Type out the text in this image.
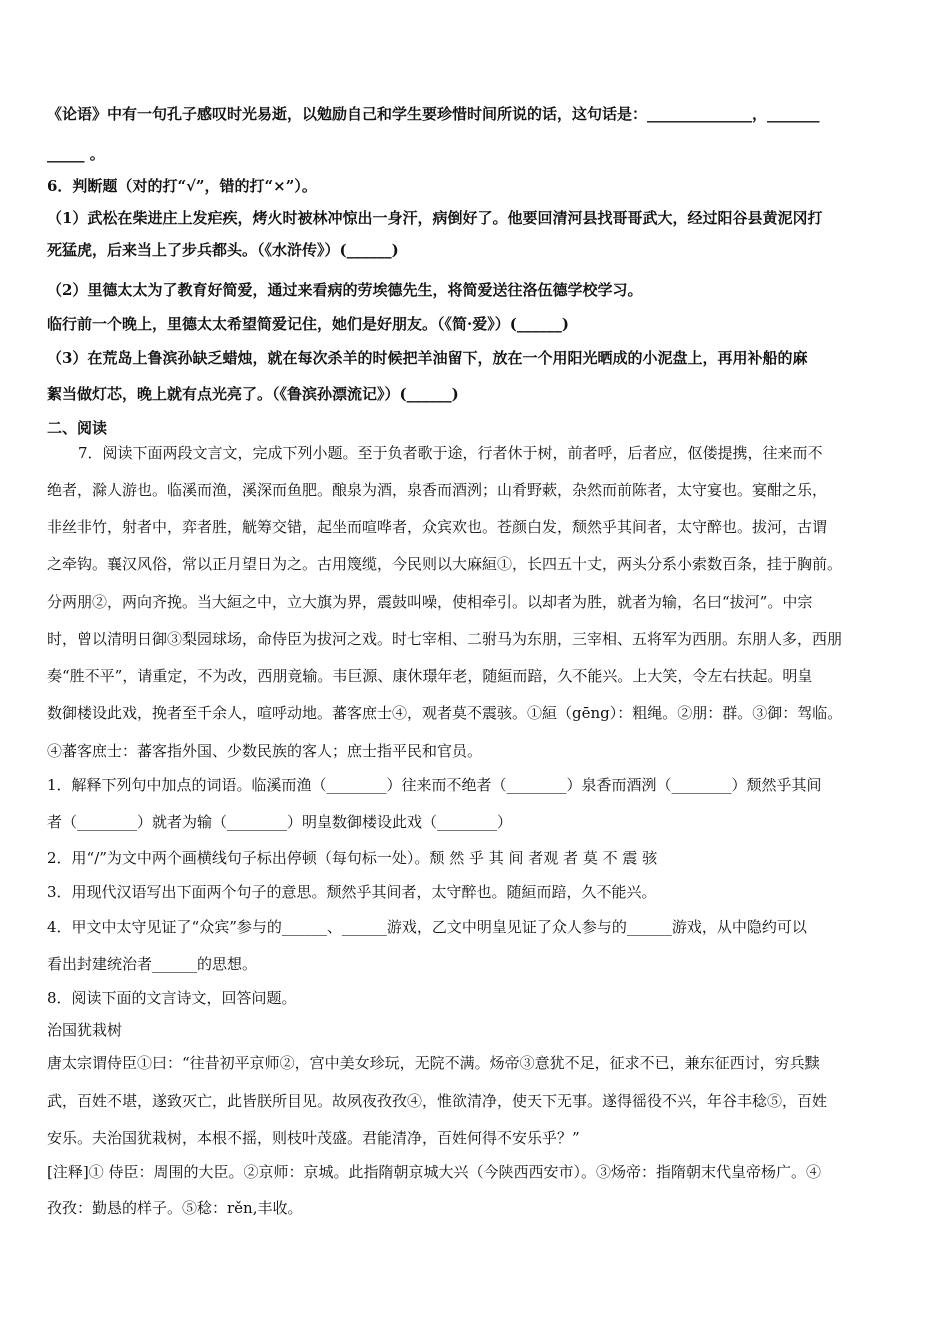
《论语》中有一句孔子感叹时光易逝，以勉励自己和学生要珍惜时间所说的话，这句话是：______________，_______
_____ 。
6．判断题（对的打“√”，错的打“×”）。
（1）武松在柴进庄上发疟疾，烤火时被林冲惊出一身汗，病倒好了。他要回清河县找哥哥武大，经过阳谷县黄泥冈打
死猛虎，后来当上了步兵都头。（《水浒传》）(______)
（2）里德太太为了教育好简爱，通过来看病的劳埃德先生，将简爱送往洛伍德学校学习。
临行前一个晚上，里德太太希望简爱记住，她们是好朋友。（《简·爱》）(______)
（3）在荒岛上鲁滨孙缺乏蜡烛，就在每次杀羊的时候把羊油留下，放在一个用阳光晒成的小泥盘上，再用补船的麻
絮当做灯芯，晚上就有点光亮了。（《鲁滨孙漂流记》）(______)
二、阅读
7．阅读下面两段文言文，完成下列小题。至于负者歌于途，行者休于树，前者呼，后者应，伛偻提携，往来而不
绝者，滁人游也。临溪而渔，溪深而鱼肥。酿泉为酒，泉香而酒洌；山肴野蔌，杂然而前陈者，太守宴也。宴酣之乐，
非丝非竹，射者中，弈者胜，觥筹交错，起坐而喧哗者，众宾欢也。苍颜白发，颓然乎其间者，太守醉也。拔河，古谓
之牵钩。襄汉风俗，常以正月望日为之。古用篾缆，今民则以大麻絙①，长四五十丈，两头分系小索数百条，挂于胸前。
分两朋②，两向齐挽。当大絙之中，立大旗为界，震鼓叫噪，使相牵引。以却者为胜，就者为输，名曰“拔河”。中宗
时，曾以清明日御③梨园球场，命侍臣为拔河之戏。时七宰相、二驸马为东朋，三宰相、五将军为西朋。东朋人多，西朋
奏“胜不平”，请重定，不为改，西朋竟输。韦巨源、康休璟年老，随絙而踣，久不能兴。上大笑，令左右扶起。明皇
数御楼设此戏，挽者至千余人，喧呼动地。蕃客庶士④，观者莫不震骇。①絙（gēng）：粗绳。②朋：群。③御：驾临。
④蕃客庶士：蕃客指外国、少数民族的客人；庶士指平民和官员。
1．解释下列句中加点的词语。临溪而渔（________）往来而不绝者（________）泉香而酒洌（________）颓然乎其间
者（________）就者为输（________）明皇数御楼设此戏（________）
2．用“/”为文中两个画横线句子标出停顿（每句标一处）。颓 然 乎 其 间 者观 者 莫 不 震 骇
3．用现代汉语写出下面两个句子的意思。颓然乎其间者，太守醉也。随絙而踣，久不能兴。
4．甲文中太守见证了“众宾”参与的______、______游戏，乙文中明皇见证了众人参与的______游戏，从中隐约可以
看出封建统治者______的思想。
8．阅读下面的文言诗文，回答问题。
治国犹栽树
唐太宗谓侍臣①曰：“往昔初平京师②，宫中美女珍玩，无院不满。炀帝③意犹不足，征求不已，兼东征西讨，穷兵黩
武，百姓不堪，遂致灭亡，此皆朕所目见。故夙夜孜孜④，惟欲清净，使天下无事。遂得徭役不兴，年谷丰稔⑤，百姓
安乐。夫治国犹栽树，本根不摇，则枝叶茂盛。君能清净，百姓何得不安乐乎？”
[注释]① 侍臣：周围的大臣。②京师：京城。此指隋朝京城大兴（今陕西西安市）。③炀帝：指隋朝末代皇帝杨广。④
孜孜：勤恳的样子。⑤稔：rěn,丰收。
